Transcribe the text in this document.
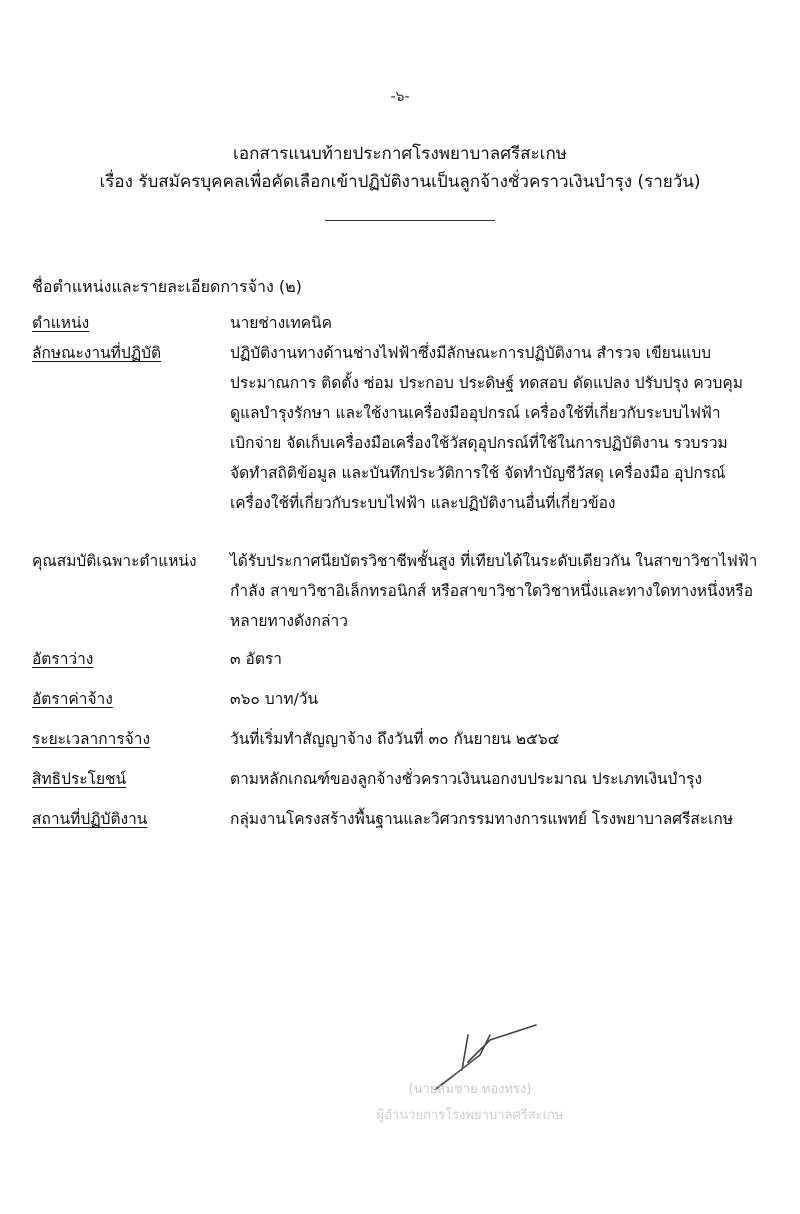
-๖-
เอกสารแนบท้ายประกาศโรงพยาบาลศรีสะเกษ
เรื่อง รับสมัครบุคคลเพื่อคัดเลือกเข้าปฏิบัติงานเป็นลูกจ้างชั่วคราวเงินบำรุง (รายวัน)
ชื่อตำแหน่งและรายละเอียดการจ้าง (๒)
ตำแหน่ง	นายช่างเทคนิค

ลักษณะงานที่ปฏิบัติ	ปฏิบัติงานทางด้านช่างไฟฟ้าซึ่งมีลักษณะการปฏิบัติงาน สำรวจ เขียนแบบ

ประมาณการ ติดตั้ง ซ่อม ประกอบ ประดิษฐ์ ทดสอบ ดัดแปลง ปรับปรุง ควบคุม

ดูแลบำรุงรักษา และใช้งานเครื่องมืออุปกรณ์ เครื่องใช้ที่เกี่ยวกับระบบไฟฟ้า

เบิกจ่าย จัดเก็บเครื่องมือเครื่องใช้วัสดุอุปกรณ์ที่ใช้ในการปฏิบัติงาน รวบรวม

จัดทำสถิติข้อมูล และบันทึกประวัติการใช้ จัดทำบัญชีวัสดุ เครื่องมือ อุปกรณ์

เครื่องใช้ที่เกี่ยวกับระบบไฟฟ้า และปฏิบัติงานอื่นที่เกี่ยวข้อง

คุณสมบัติเฉพาะตำแหน่ง	ได้รับประกาศนียบัตรวิชาชีพชั้นสูง ที่เทียบได้ในระดับเดียวกัน ในสาขาวิชาไฟฟ้า

กำลัง สาขาวิชาอิเล็กทรอนิกส์ หรือสาขาวิชาใดวิชาหนึ่งและทางใดทางหนึ่งหรือ

หลายทางดังกล่าว

อัตราว่าง	๓ อัตรา

อัตราค่าจ้าง	๓๖๐ บาท/วัน

ระยะเวลาการจ้าง	วันที่เริ่มทำสัญญาจ้าง ถึงวันที่ ๓๐ กันยายน ๒๕๖๔

สิทธิประโยชน์	ตามหลักเกณฑ์ของลูกจ้างชั่วคราวเงินนอกงบประมาณ ประเภทเงินบำรุง

สถานที่ปฏิบัติงาน	กลุ่มงานโครงสร้างพื้นฐานและวิศวกรรมทางการแพทย์ โรงพยาบาลศรีสะเกษ

(นายสมชาย ทองทรง)
ผู้อำนวยการโรงพยาบาลศรีสะเกษ
